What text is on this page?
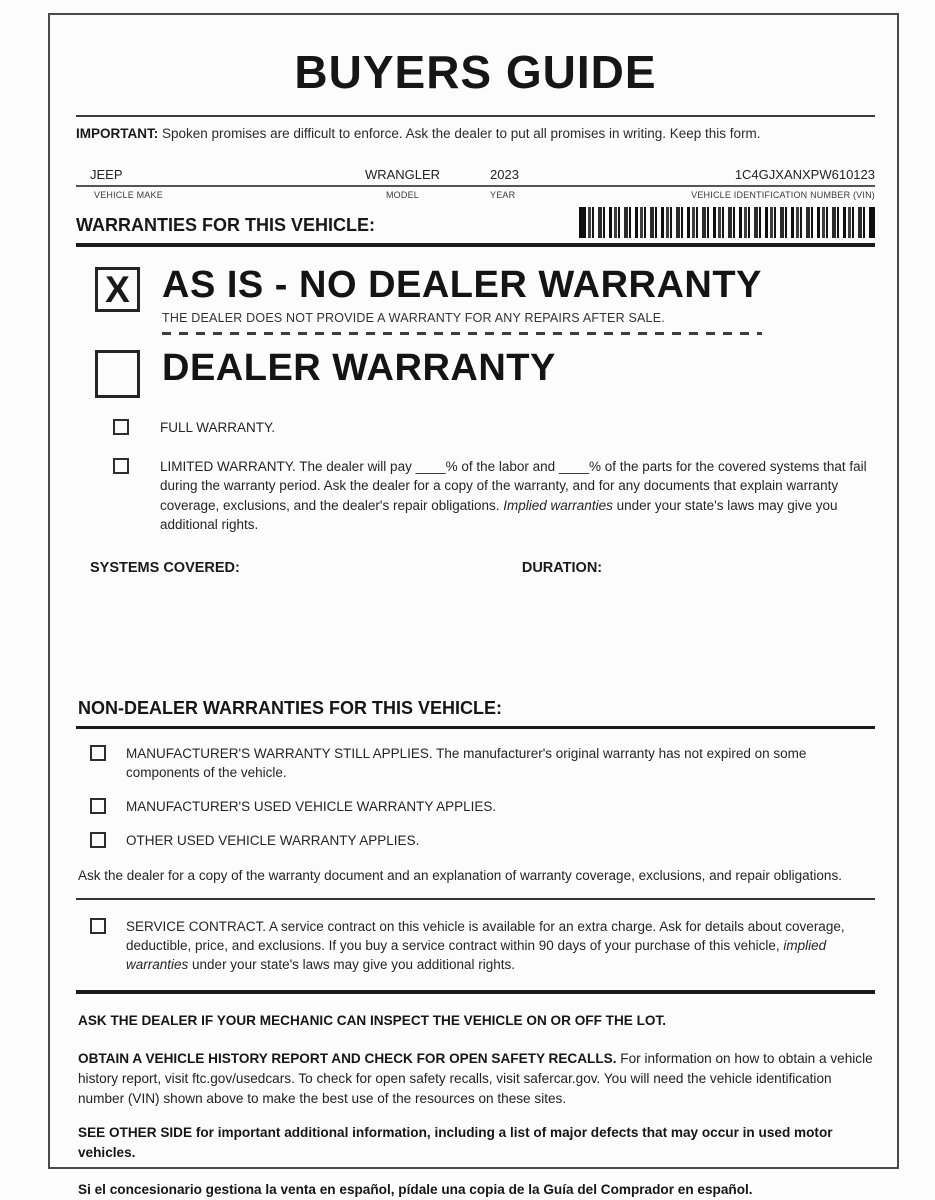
BUYERS GUIDE
IMPORTANT: Spoken promises are difficult to enforce. Ask the dealer to put all promises in writing. Keep this form.
JEEP	WRANGLER	2023	1C4GJXANXPW610123
VEHICLE MAKE	MODEL	YEAR	VEHICLE IDENTIFICATION NUMBER (VIN)
WARRANTIES FOR THIS VEHICLE:
X AS IS - NO DEALER WARRANTY
THE DEALER DOES NOT PROVIDE A WARRANTY FOR ANY REPAIRS AFTER SALE.
DEALER WARRANTY
FULL WARRANTY.
LIMITED WARRANTY. The dealer will pay ____% of the labor and ____% of the parts for the covered systems that fail during the warranty period. Ask the dealer for a copy of the warranty, and for any documents that explain warranty coverage, exclusions, and the dealer's repair obligations. Implied warranties under your state's laws may give you additional rights.
SYSTEMS COVERED:	DURATION:
NON-DEALER WARRANTIES FOR THIS VEHICLE:
MANUFACTURER'S WARRANTY STILL APPLIES. The manufacturer's original warranty has not expired on some components of the vehicle.
MANUFACTURER'S USED VEHICLE WARRANTY APPLIES.
OTHER USED VEHICLE WARRANTY APPLIES.
Ask the dealer for a copy of the warranty document and an explanation of warranty coverage, exclusions, and repair obligations.
SERVICE CONTRACT. A service contract on this vehicle is available for an extra charge. Ask for details about coverage, deductible, price, and exclusions. If you buy a service contract within 90 days of your purchase of this vehicle, implied warranties under your state's laws may give you additional rights.
ASK THE DEALER IF YOUR MECHANIC CAN INSPECT THE VEHICLE ON OR OFF THE LOT.
OBTAIN A VEHICLE HISTORY REPORT AND CHECK FOR OPEN SAFETY RECALLS. For information on how to obtain a vehicle history report, visit ftc.gov/usedcars. To check for open safety recalls, visit safercar.gov. You will need the vehicle identification number (VIN) shown above to make the best use of the resources on these sites.
SEE OTHER SIDE for important additional information, including a list of major defects that may occur in used motor vehicles.
Si el concesionario gestiona la venta en español, pídale una copia de la Guía del Comprador en español.
